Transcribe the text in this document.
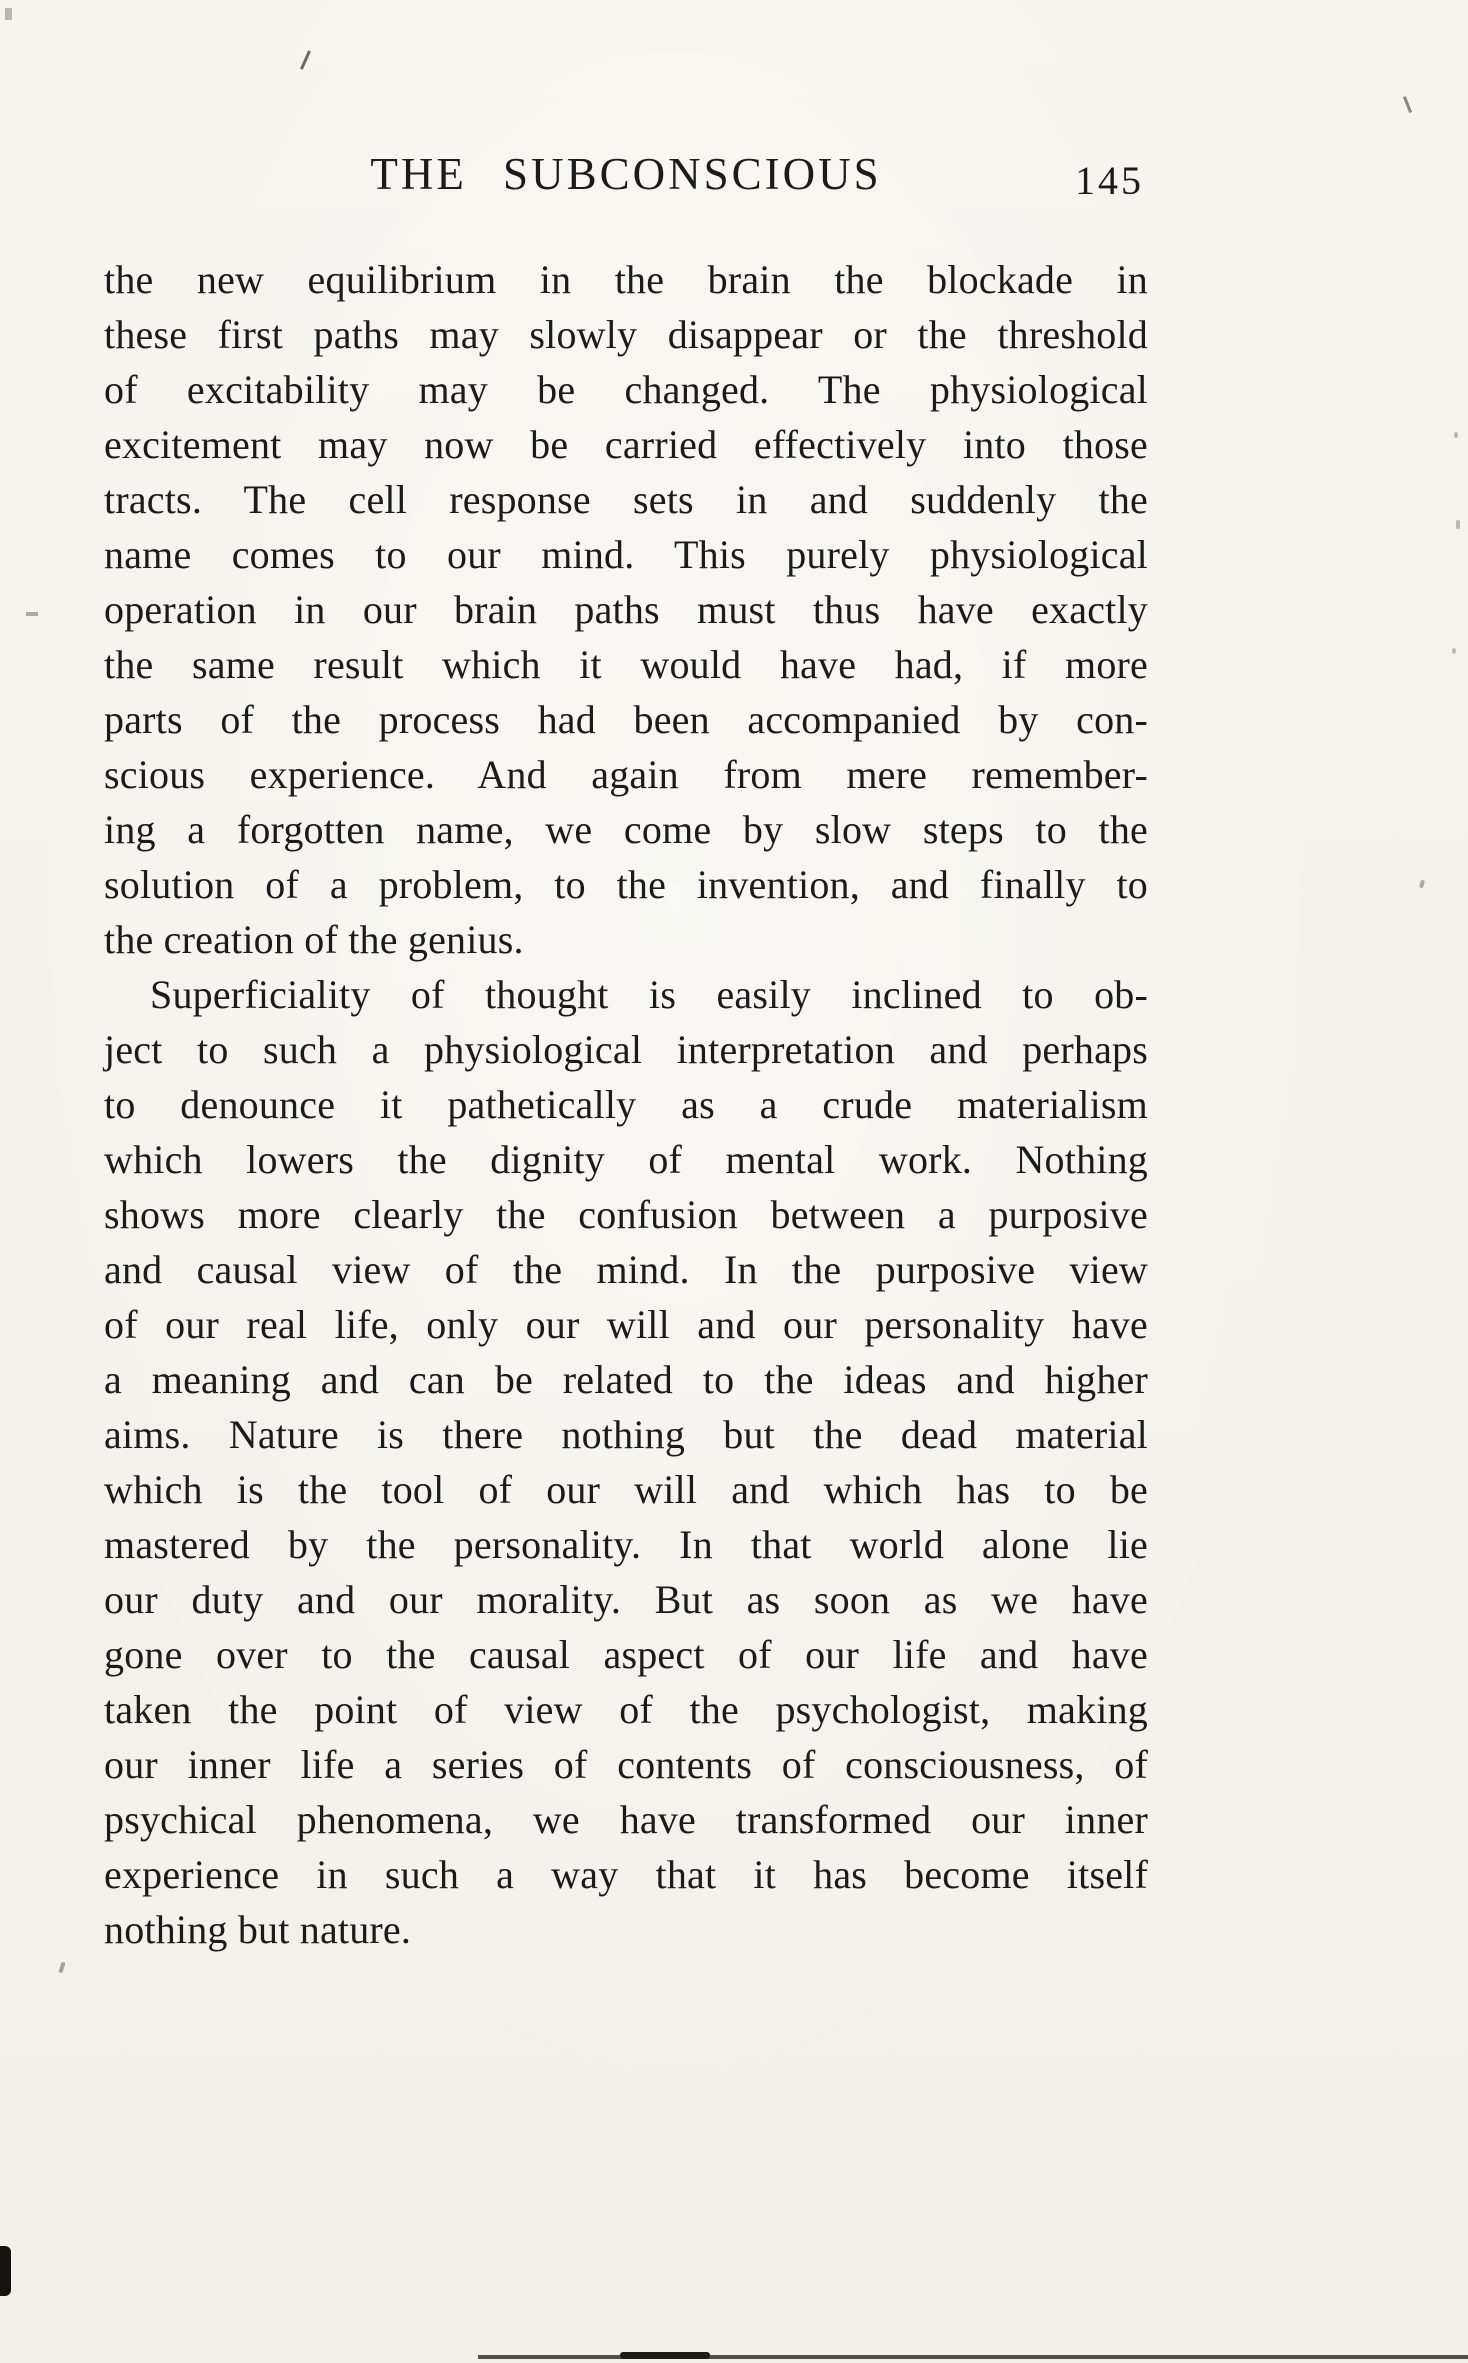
THE SUBCONSCIOUS	145
the new equilibrium in the brain the blockade in
these first paths may slowly disappear or the threshold
of excitability may be changed. The physiological
excitement may now be carried effectively into those
tracts. The cell response sets in and suddenly the
name comes to our mind. This purely physiological
operation in our brain paths must thus have exactly
the same result which it would have had, if more
parts of the process had been accompanied by con-
scious experience. And again from mere remember-
ing a forgotten name, we come by slow steps to the
solution of a problem, to the invention, and finally to
the creation of the genius.
Superficiality of thought is easily inclined to ob-
ject to such a physiological interpretation and perhaps
to denounce it pathetically as a crude materialism
which lowers the dignity of mental work. Nothing
shows more clearly the confusion between a purposive
and causal view of the mind. In the purposive view
of our real life, only our will and our personality have
a meaning and can be related to the ideas and higher
aims. Nature is there nothing but the dead material
which is the tool of our will and which has to be
mastered by the personality. In that world alone lie
our duty and our morality. But as soon as we have
gone over to the causal aspect of our life and have
taken the point of view of the psychologist, making
our inner life a series of contents of consciousness, of
psychical phenomena, we have transformed our inner
experience in such a way that it has become itself
nothing but nature.
